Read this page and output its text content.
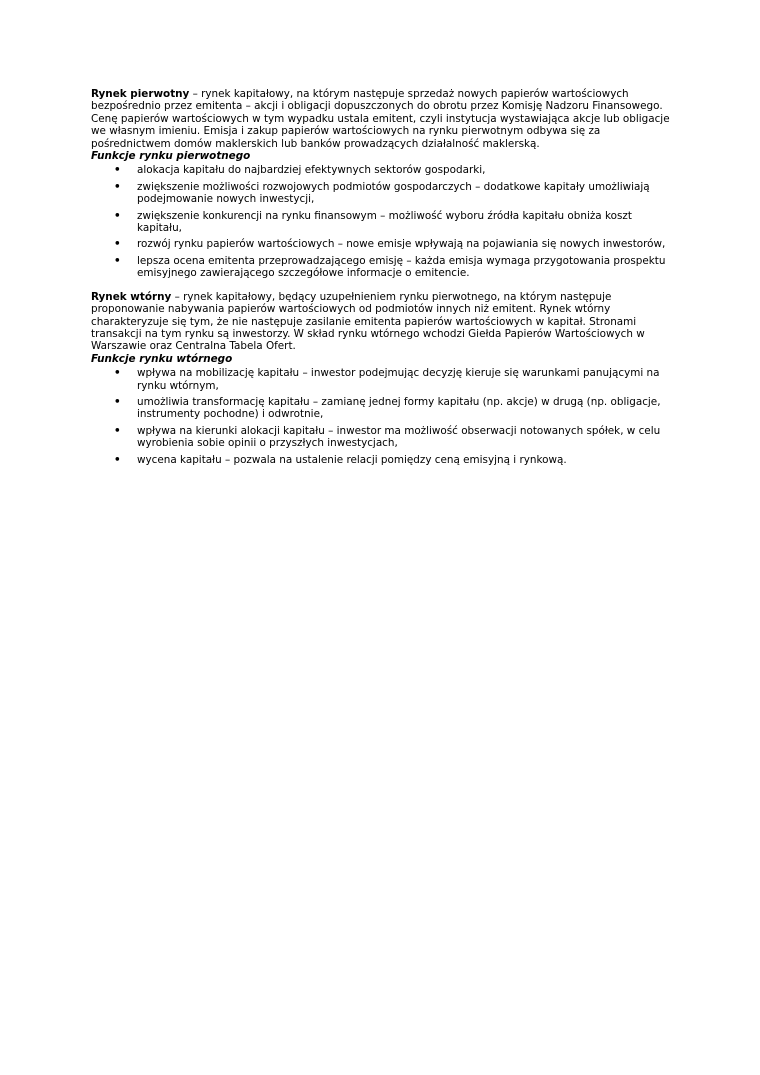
Rynek pierwotny – rynek kapitałowy, na którym następuje sprzedaż nowych papierów wartościowych bezpośrednio przez emitenta – akcji i obligacji dopuszczonych do obrotu przez Komisję Nadzoru Finansowego. Cenę papierów wartościowych w tym wypadku ustala emitent, czyli instytucja wystawiająca akcje lub obligacje we własnym imieniu. Emisja i zakup papierów wartościowych na rynku pierwotnym odbywa się za pośrednictwem domów maklerskich lub banków prowadzących działalność maklerską.

Funkcje rynku pierwotnego

• alokacja kapitału do najbardziej efektywnych sektorów gospodarki,
• zwiększenie możliwości rozwojowych podmiotów gospodarczych – dodatkowe kapitały umożliwiają podejmowanie nowych inwestycji,
• zwiększenie konkurencji na rynku finansowym – możliwość wyboru źródła kapitału obniża koszt kapitału,
• rozwój rynku papierów wartościowych – nowe emisje wpływają na pojawiania się nowych inwestorów,
• lepsza ocena emitenta przeprowadzającego emisję – każda emisja wymaga przygotowania prospektu emisyjnego zawierającego szczegółowe informacje o emitencie.

Rynek wtórny – rynek kapitałowy, będący uzupełnieniem rynku pierwotnego, na którym następuje proponowanie nabywania papierów wartościowych od podmiotów innych niż emitent. Rynek wtórny charakteryzuje się tym, że nie następuje zasilanie emitenta papierów wartościowych w kapitał. Stronami transakcji na tym rynku są inwestorzy. W skład rynku wtórnego wchodzi Giełda Papierów Wartościowych w Warszawie oraz Centralna Tabela Ofert.

Funkcje rynku wtórnego

• wpływa na mobilizację kapitału – inwestor podejmując decyzję kieruje się warunkami panującymi na rynku wtórnym,
• umożliwia transformację kapitału – zamianę jednej formy kapitału (np. akcje) w drugą (np. obligacje, instrumenty pochodne) i odwrotnie,
• wpływa na kierunki alokacji kapitału – inwestor ma możliwość obserwacji notowanych spółek, w celu wyrobienia sobie opinii o przyszłych inwestycjach,
• wycena kapitału – pozwala na ustalenie relacji pomiędzy ceną emisyjną i rynkową.
